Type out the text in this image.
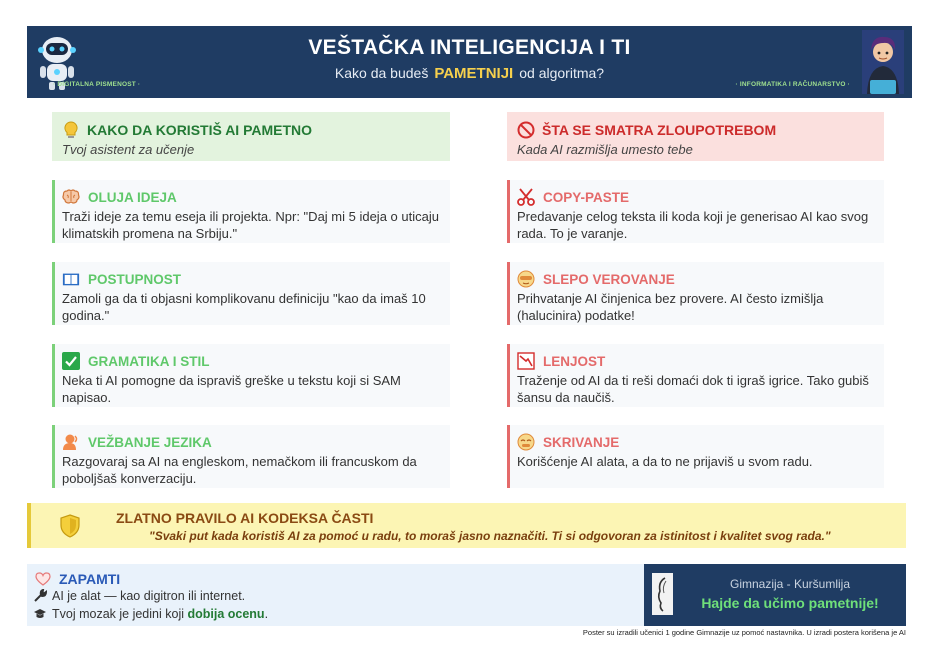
VEŠTAČKA INTELIGENCIJA I TI
Kako da budeš PAMETNIJI od algoritma?
· DIGITALNA PISMENOST ·	· INFORMATIKA I RAČUNARSTVO ·
KAKO DA KORISTIŠ AI PAMETNO
Tvoj asistent za učenje
ŠTA SE SMATRA ZLOUPOTREBOM
Kada AI razmišlja umesto tebe
OLUJA IDEJA
Traži ideje za temu eseja ili projekta. Npr: "Daj mi 5 ideja o uticaju klimatskih promena na Srbiju."
POSTUPNOST
Zamoli ga da ti objasni komplikovanu definiciju "kao da imaš 10 godina."
GRAMATIKA I STIL
Neka ti AI pomogne da ispraviš greške u tekstu koji si SAM napisao.
VEŽBANJE JEZIKA
Razgovaraj sa AI na engleskom, nemačkom ili francuskom da poboljšaš konverzaciju.
COPY-PASTE
Predavanje celog teksta ili koda koji je generisao AI kao svog rada. To je varanje.
SLEPO VEROVANJE
Prihvatanje AI činjenica bez provere. AI često izmišlja (halucinira) podatke!
LENJOST
Traženje od AI da ti reši domaći dok ti igraš igrice. Tako gubiš šansu da naučiš.
SKRIVANJE
Korišćenje AI alata, a da to ne prijaviš u svom radu.
ZLATNO PRAVILO AI KODEKSA ČASTI
"Svaki put kada koristiš AI za pomoć u radu, to moraš jasno naznačiti. Ti si odgovoran za istinitost i kvalitet svog rada."
ZAPAMTI
AI je alat — kao digitron ili internet.
Tvoj mozak je jedini koji dobija ocenu.
Gimnazija - Kuršumlija
Hajde da učimo pametnije!
Poster su izradili učenici 1 godine Gimnazije uz pomoć nastavnika. U izradi postera korišena je AI
